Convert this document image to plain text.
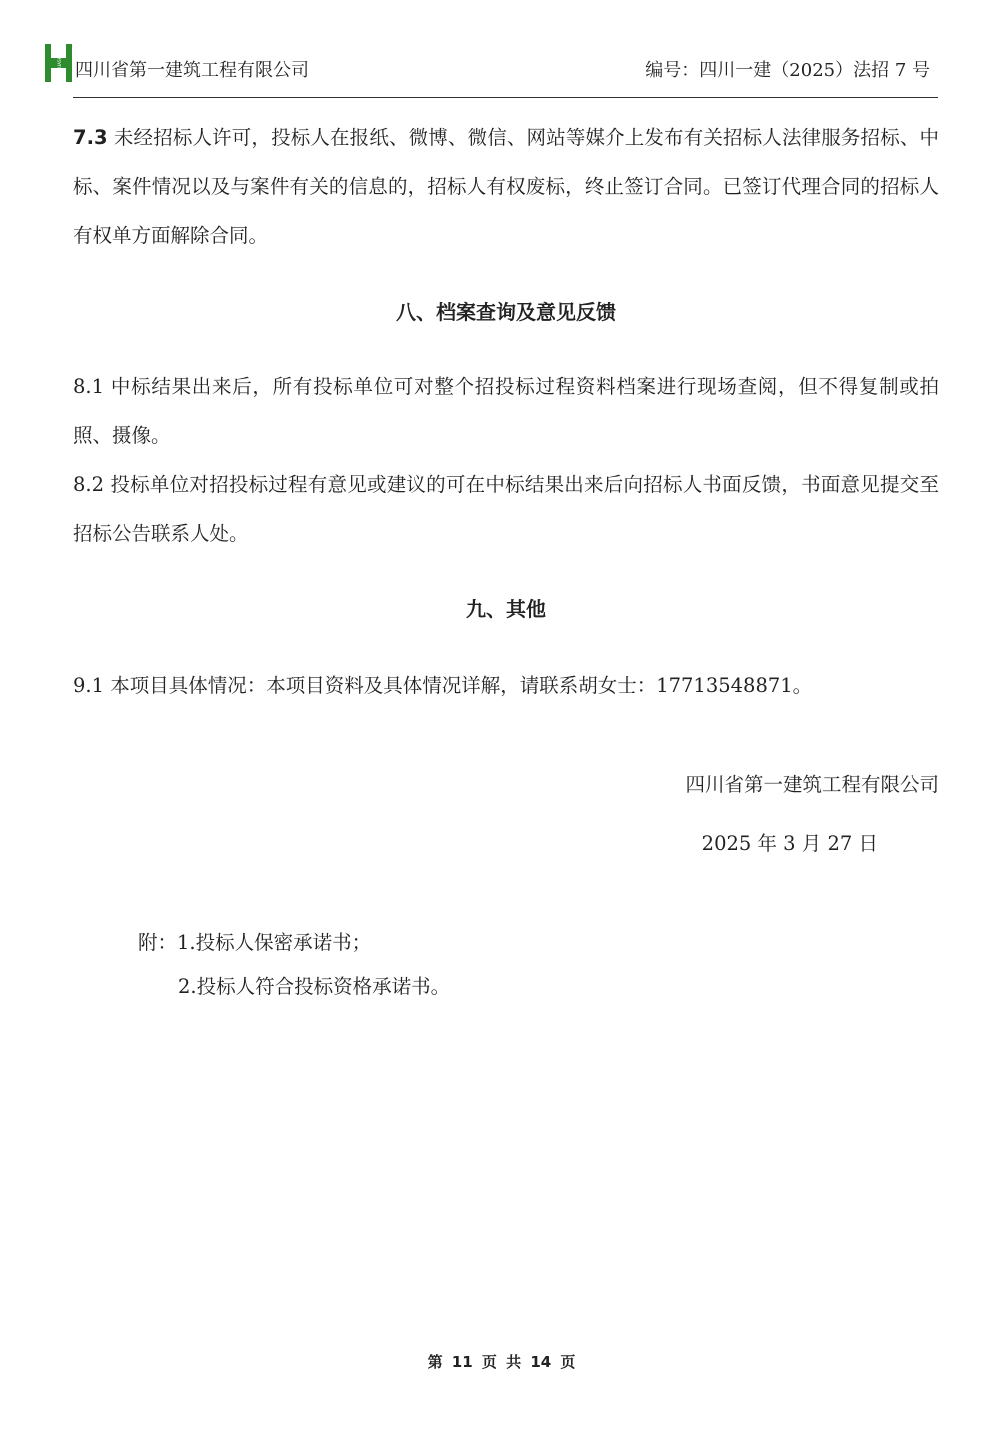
HUASHI 四川省第一建筑工程有限公司	编号：四川一建（2025）法招 7 号

7.3 未经招标人许可，投标人在报纸、微博、微信、网站等媒介上发布有关招标人法律服务招标、中标、案件情况以及与案件有关的信息的，招标人有权废标，终止签订合同。已签订代理合同的招标人有权单方面解除合同。

八、档案查询及意见反馈

8.1 中标结果出来后，所有投标单位可对整个招投标过程资料档案进行现场查阅，但不得复制或拍照、摄像。

8.2 投标单位对招投标过程有意见或建议的可在中标结果出来后向招标人书面反馈，书面意见提交至招标公告联系人处。

九、其他

9.1 本项目具体情况：本项目资料及具体情况详解，请联系胡女士：17713548871。

四川省第一建筑工程有限公司
2025 年 3 月 27 日
附：1.投标人保密承诺书；
2.投标人符合投标资格承诺书。
第 11 页 共 14 页
